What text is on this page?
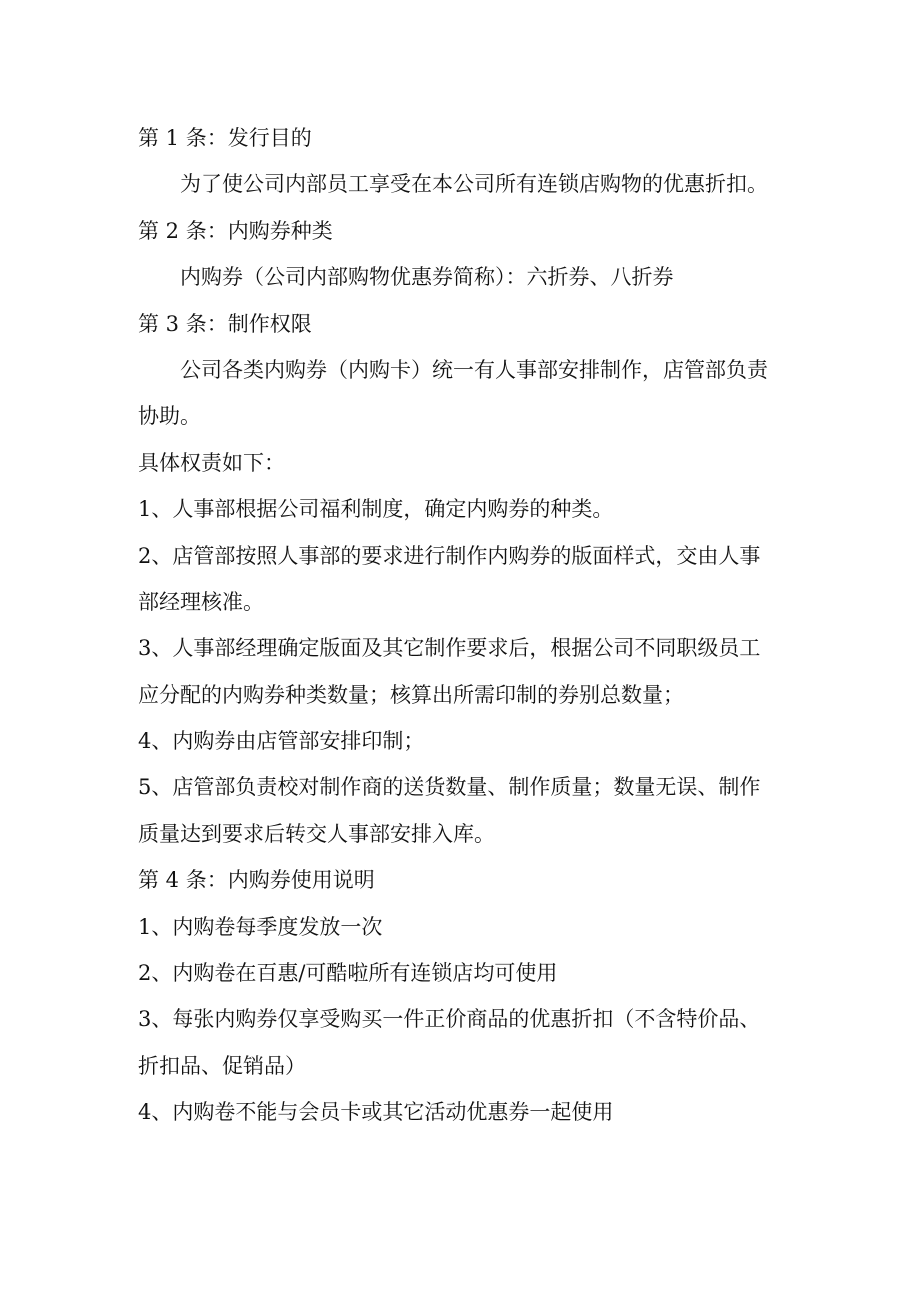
第 1 条：发行目的

为了使公司内部员工享受在本公司所有连锁店购物的优惠折扣。

第 2 条：内购券种类

内购券（公司内部购物优惠券简称）：六折券、八折券

第 3 条：制作权限

公司各类内购券（内购卡）统一有人事部安排制作，店管部负责

协助。

具体权责如下：

1、人事部根据公司福利制度，确定内购券的种类。

2、店管部按照人事部的要求进行制作内购券的版面样式，交由人事

部经理核准。

3、人事部经理确定版面及其它制作要求后，根据公司不同职级员工

应分配的内购券种类数量；核算出所需印制的券别总数量；

4、内购券由店管部安排印制；

5、店管部负责校对制作商的送货数量、制作质量；数量无误、制作

质量达到要求后转交人事部安排入库。

第 4 条：内购券使用说明

1、内购卷每季度发放一次

2、内购卷在百惠/可酷啦所有连锁店均可使用

3、每张内购券仅享受购买一件正价商品的优惠折扣（不含特价品、

折扣品、促销品）

4、内购卷不能与会员卡或其它活动优惠券一起使用
